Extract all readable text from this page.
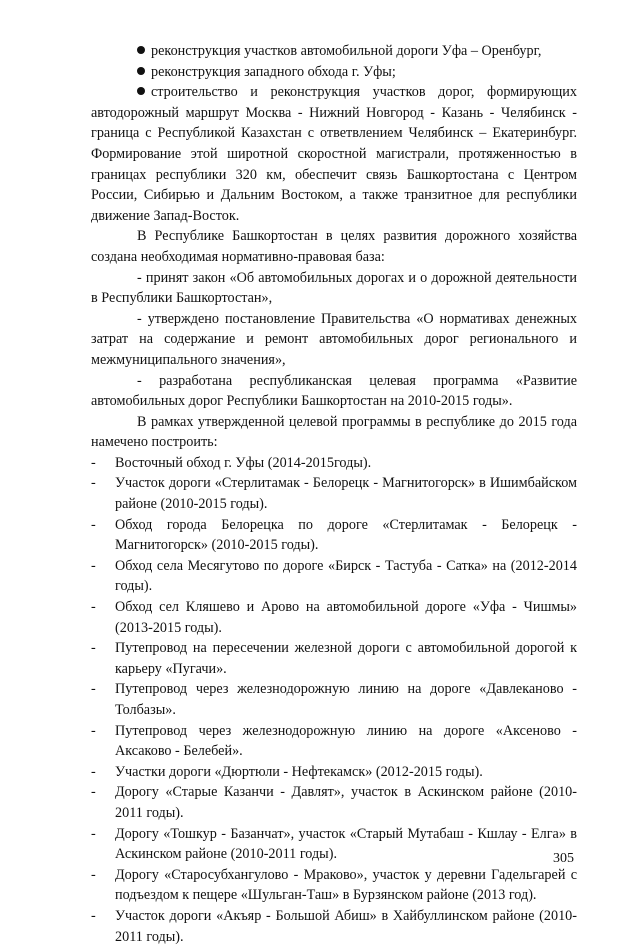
реконструкция участков автомобильной дороги Уфа – Оренбург,

реконструкция западного обхода г. Уфы;

строительство и реконструкция участков дорог, формирующих автодорожный маршрут Москва - Нижний Новгород - Казань - Челябинск - граница с Республикой Казахстан с ответвлением Челябинск – Екатеринбург. Формирование этой широтной скоростной магистрали, протяженностью в границах республики 320 км, обеспечит связь Башкортостана с Центром России, Сибирью и Дальним Востоком, а также транзитное для республики движение Запад-Восток.

В Республике Башкортостан в целях развития дорожного хозяйства создана необходимая нормативно-правовая база:

- принят закон «Об автомобильных дорогах и о дорожной деятельности в Республики Башкортостан»,

- утверждено постановление Правительства «О нормативах денежных затрат на содержание и ремонт автомобильных дорог регионального и межмуниципального значения»,

- разработана республиканская целевая программа «Развитие автомобильных дорог Республики Башкортостан на 2010-2015 годы».

В рамках утвержденной целевой программы в республике до 2015 года намечено построить:

- Восточный обход г. Уфы (2014-2015годы).
- Участок дороги «Стерлитамак - Белорецк - Магнитогорск» в Ишимбайском районе (2010-2015 годы).
- Обход города Белорецка по дороге «Стерлитамак - Белорецк - Магнитогорск» (2010-2015 годы).
- Обход села Месягутово по дороге «Бирск - Тастуба - Сатка» на (2012-2014 годы).
- Обход сел Кляшево и Арово на автомобильной дороге «Уфа - Чишмы» (2013-2015 годы).
- Путепровод на пересечении железной дороги с автомобильной дорогой к карьеру «Пугачи».
- Путепровод через железнодорожную линию на дороге «Давлеканово - Толбазы».
- Путепровод через железнодорожную линию на дороге «Аксеново - Аксаково - Белебей».
- Участки дороги «Дюртюли - Нефтекамск» (2012-2015 годы).
- Дорогу «Старые Казанчи - Давлят», участок в Аскинском районе (2010-2011 годы).
- Дорогу «Тошкур - Базанчат», участок «Старый Мутабаш - Кшлау - Елга» в Аскинском районе (2010-2011 годы).
- Дорогу «Старосубхангулово - Мраково», участок у деревни Гадельгарей с подъездом к пещере «Шульган-Таш» в Бурзянском районе (2013 год).
- Участок дороги «Акъяр - Большой Абиш» в Хайбуллинском районе (2010-2011 годы).
305
